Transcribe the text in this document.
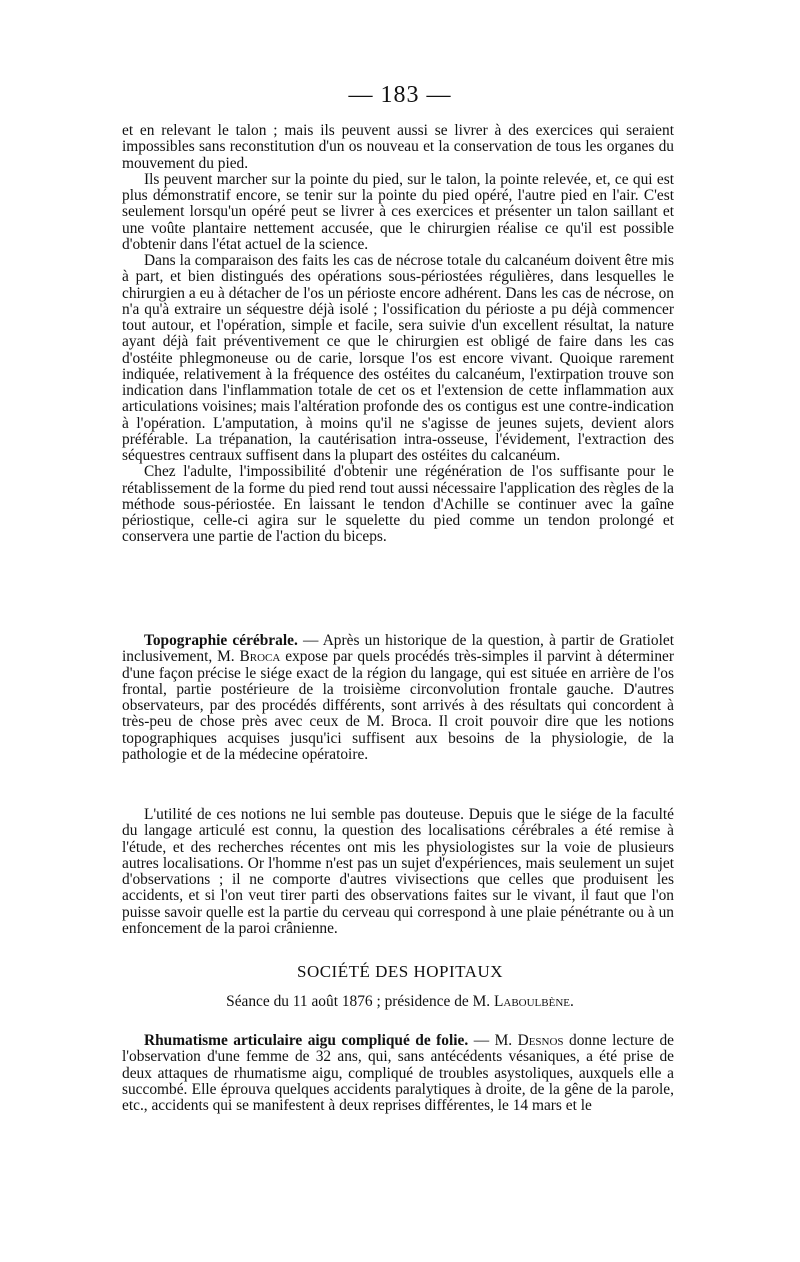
— 183 —

et en relevant le talon ; mais ils peuvent aussi se livrer à des exercices qui seraient impossibles sans reconstitution d'un os nouveau et la conservation de tous les organes du mouvement du pied.

Ils peuvent marcher sur la pointe du pied, sur le talon, la pointe relevée, et, ce qui est plus démonstratif encore, se tenir sur la pointe du pied opéré, l'autre pied en l'air. C'est seulement lorsqu'un opéré peut se livrer à ces exercices et présenter un talon saillant et une voûte plantaire nettement accusée, que le chirurgien réalise ce qu'il est possible d'obtenir dans l'état actuel de la science.

Dans la comparaison des faits les cas de nécrose totale du calcanéum doivent être mis à part, et bien distingués des opérations sous-périostées régulières, dans lesquelles le chirurgien a eu à détacher de l'os un périoste encore adhérent. Dans les cas de nécrose, on n'a qu'à extraire un séquestre déjà isolé ; l'ossification du périoste a pu déjà commencer tout autour, et l'opération, simple et facile, sera suivie d'un excellent résultat, la nature ayant déjà fait préventivement ce que le chirurgien est obligé de faire dans les cas d'ostéite phlegmoneuse ou de carie, lorsque l'os est encore vivant. Quoique rarement indiquée, relativement à la fréquence des ostéites du calcanéum, l'extirpation trouve son indication dans l'inflammation totale de cet os et l'extension de cette inflammation aux articulations voisines; mais l'altération profonde des os contigus est une contre-indication à l'opération. L'amputation, à moins qu'il ne s'agisse de jeunes sujets, devient alors préférable. La trépanation, la cautérisation intra-osseuse, l'évidement, l'extraction des séquestres centraux suffisent dans la plupart des ostéites du calcanéum.

Chez l'adulte, l'impossibilité d'obtenir une régénération de l'os suffisante pour le rétablissement de la forme du pied rend tout aussi nécessaire l'application des règles de la méthode sous-périostée. En laissant le tendon d'Achille se continuer avec la gaîne périostique, celle-ci agira sur le squelette du pied comme un tendon prolongé et conservera une partie de l'action du biceps.

Topographie cérébrale. — Après un historique de la question, à partir de Gratiolet inclusivement, M. Broca expose par quels procédés très-simples il parvint à déterminer d'une façon précise le siége exact de la région du langage, qui est située en arrière de l'os frontal, partie postérieure de la troisième circonvolution frontale gauche. D'autres observateurs, par des procédés différents, sont arrivés à des résultats qui concordent à très-peu de chose près avec ceux de M. Broca. Il croit pouvoir dire que les notions topographiques acquises jusqu'ici suffisent aux besoins de la physiologie, de la pathologie et de la médecine opératoire.

L'utilité de ces notions ne lui semble pas douteuse. Depuis que le siége de la faculté du langage articulé est connu, la question des localisations cérébrales a été remise à l'étude, et des recherches récentes ont mis les physiologistes sur la voie de plusieurs autres localisations. Or l'homme n'est pas un sujet d'expériences, mais seulement un sujet d'observations ; il ne comporte d'autres vivisections que celles que produisent les accidents, et si l'on veut tirer parti des observations faites sur le vivant, il faut que l'on puisse savoir quelle est la partie du cerveau qui correspond à une plaie pénétrante ou à un enfoncement de la paroi crânienne.

SOCIÉTÉ DES HOPITAUX
Séance du 11 août 1876 ; présidence de M. Laboulbène.

Rhumatisme articulaire aigu compliqué de folie. — M. Desnos donne lecture de l'observation d'une femme de 32 ans, qui, sans antécédents vésaniques, a été prise de deux attaques de rhumatisme aigu, compliqué de troubles asystoliques, auxquels elle a succombé. Elle éprouva quelques accidents paralytiques à droite, de la gêne de la parole, etc., accidents qui se manifestent à deux reprises différentes, le 14 mars et le
